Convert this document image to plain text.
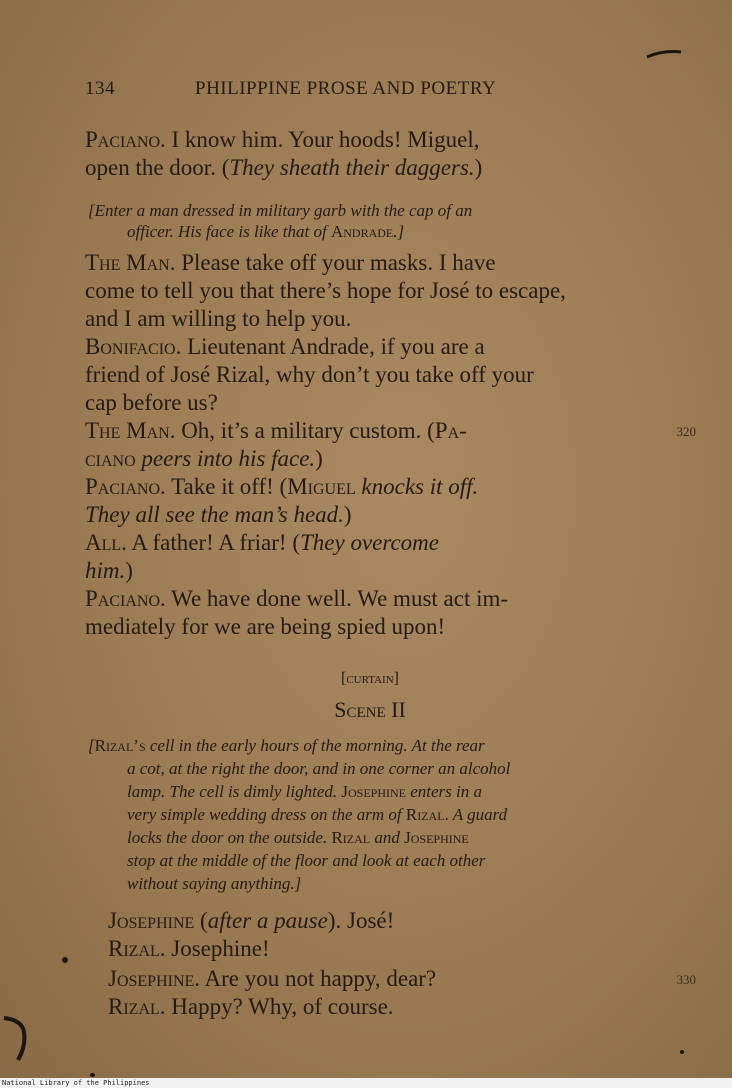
134	PHILIPPINE PROSE AND POETRY
Paciano. I know him. Your hoods! Miguel,
open the door. (They sheath their daggers.)
[Enter a man dressed in military garb with the cap of an
officer. His face is like that of Andrade.]
The Man. Please take off your masks. I have
come to tell you that there’s hope for José to escape,
and I am willing to help you.
Bonifacio. Lieutenant Andrade, if you are a
friend of José Rizal, why don’t you take off your
cap before us?
The Man. Oh, it’s a military custom. (Pa-
ciano peers into his face.)
Paciano. Take it off! (Miguel knocks it off.
They all see the man’s head.)
All. A father! A friar! (They overcome
him.)
Paciano. We have done well. We must act im-
mediately for we are being spied upon!
[curtain]
Scene II
[Rizal’s cell in the early hours of the morning. At the rear
a cot, at the right the door, and in one corner an alcohol
lamp. The cell is dimly lighted. Josephine enters in a
very simple wedding dress on the arm of Rizal. A guard
locks the door on the outside. Rizal and Josephine
stop at the middle of the floor and look at each other
without saying anything.]
Josephine (after a pause). José!
Rizal. Josephine!
Josephine. Are you not happy, dear?
Rizal. Happy? Why, of course.
320
330
National Library of the Philippines
